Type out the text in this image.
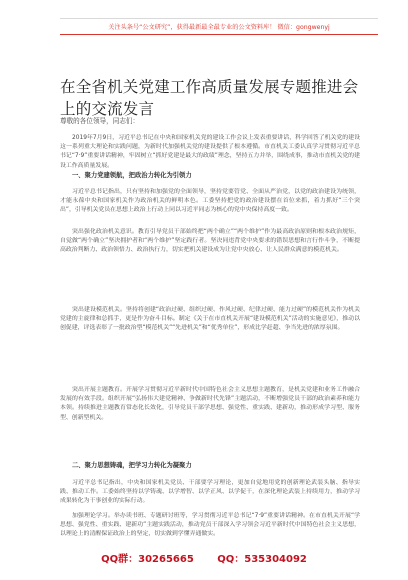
关注头条号“公文研究”，获得最新最全最专业的公文资料库！ 微信：gongwenyj
在全省机关党建工作高质量发展专题推进会上的交流发言
尊敬的各位领导，同志们：

2019年7月9日，习近平总书记在中央和国家机关党的建设工作会议上发表重要讲话，科学回答了机关党的建设这一系列重大理论和实践问题，为新时代加强机关党的建设提供了根本遵循。市直机关工委认真学习贯彻习近平总书记“7·9”重要讲话精神，牢固树立“抓好党建是最大的政绩”理念，坚持五力并举，围绕成事，推动市直机关党的建设工作高质量发展。

一、聚力党建领航，把政治力转化为引领力

习近平总书记指出，只有坚持和加强党的全面领导，坚持党要管党、全面从严治党，以党的政治建设为统领，才能永葆中央和国家机关作为政治机关的鲜明本色。工委坚持把党的政治建设摆在首位来抓，着力抓好“三个突出”，引导机关党员在思想上政治上行动上同以习近平同志为核心的党中央保持高度一致。

突出强化政治机关意识。教育引导党员干部始终把“两个确立”“两个维护”作为最高政治原则和根本政治规矩，自觉做“两个确立”坚决拥护者和“两个维护”坚定践行者。坚决同违背党中央要求的错误思想和言行作斗争，不断提高政治判断力、政治领悟力、政治执行力，切实把机关建设成为让党中央放心、让人民群众满意的模范机关。

突出建设模范机关。坚持将创建“政治过硬、组织过硬、作风过硬、纪律过硬、能力过硬”的模范机关作为机关党建的主旋律和总抓手，更是作为奋斗目标。制定《关于在市直机关开展“建设模范机关”活动的实施意见》，推动以创促建，评选表彰了一批政治型“模范机关”“先进机关”和“优秀单位”，形成比学赶超、争当先进的浓厚氛围。

突出开展主题教育。开展学习贯彻习近平新时代中国特色社会主义思想主题教育，是机关党建和业务工作融合发展的有效手段。组织开展“弘扬伟大建党精神、争做新时代先锋”主题活动，不断增强党员干部的政治素养和能力本领。持续推进主题教育常态化长效化，引导党员干部学思想、强党性、重实践、建新功，推动形成学习型、服务型、创新型机关。

二、聚力思想铸魂，把学习力转化为凝聚力

习近平总书记指出，中央和国家机关党员、干部要学习理论，更加自觉地用党的创新理论武装头脑、指导实践、推动工作。工委始终坚持以学铸魂、以学增智、以学正风、以学促干，在深化理论武装上持续用力，推动学习成果转化为干事创业的实际行动。

加强理论学习。举办读书班、专题研讨班等，学习贯彻习近平总书记“7·9”重要讲话精神。在市直机关开展“学思想、强党性、重实践、建新功”主题实践活动，推动党员干部深入学习领会习近平新时代中国特色社会主义思想，以理论上的清醒保证政治上的坚定，切实做到学懂弄通做实。

QQ群：30265665 QQ：535304092
